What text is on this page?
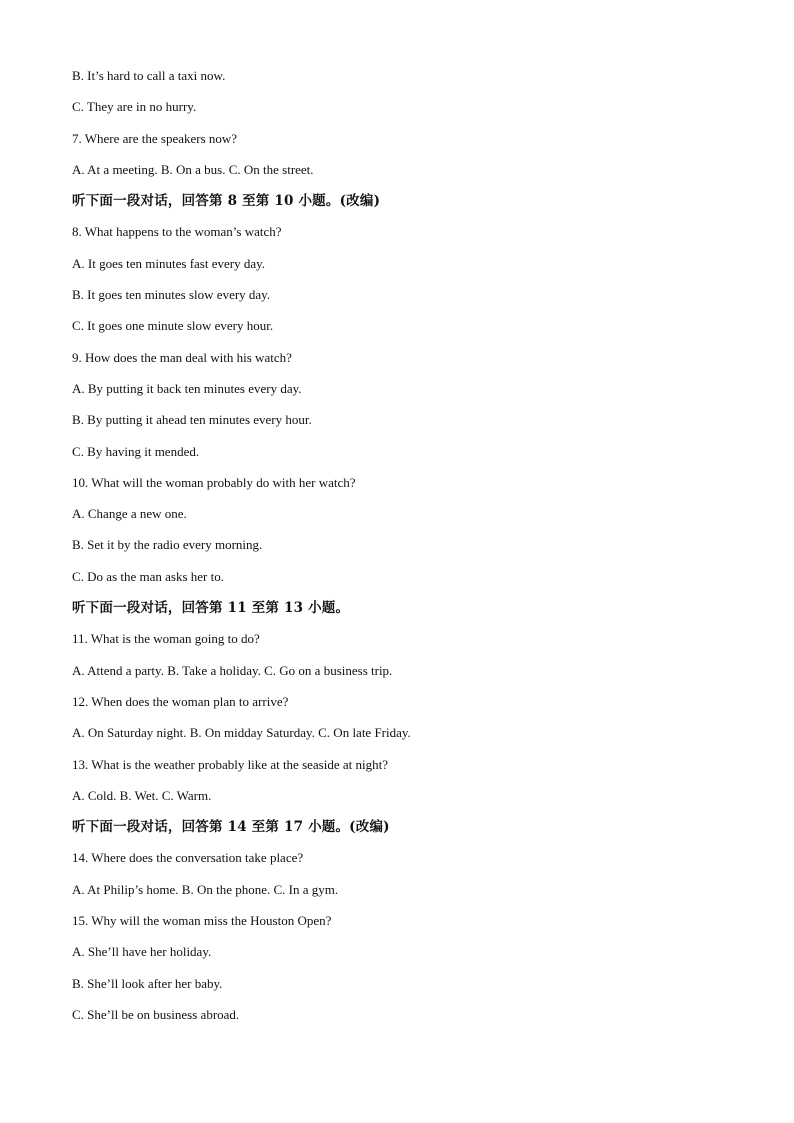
B. It’s hard to call a taxi now.
C. They are in no hurry.
7. Where are the speakers now?
A. At a meeting. B. On a bus. C. On the street.
听下面一段对话，回答第 8 至第 10 小题。(改编)
8. What happens to the woman’s watch?
A. It goes ten minutes fast every day.
B. It goes ten minutes slow every day.
C. It goes one minute slow every hour.
9. How does the man deal with his watch?
A. By putting it back ten minutes every day.
B. By putting it ahead ten minutes every hour.
C. By having it mended.
10. What will the woman probably do with her watch?
A. Change a new one.
B. Set it by the radio every morning.
C. Do as the man asks her to.
听下面一段对话，回答第 11 至第 13 小题。
11. What is the woman going to do?
A. Attend a party. B. Take a holiday. C. Go on a business trip.
12. When does the woman plan to arrive?
A. On Saturday night. B. On midday Saturday. C. On late Friday.
13. What is the weather probably like at the seaside at night?
A. Cold. B. Wet. C. Warm.
听下面一段对话，回答第 14 至第 17 小题。(改编)
14. Where does the conversation take place?
A. At Philip’s home. B. On the phone. C. In a gym.
15. Why will the woman miss the Houston Open?
A. She’ll have her holiday.
B. She’ll look after her baby.
C. She’ll be on business abroad.
